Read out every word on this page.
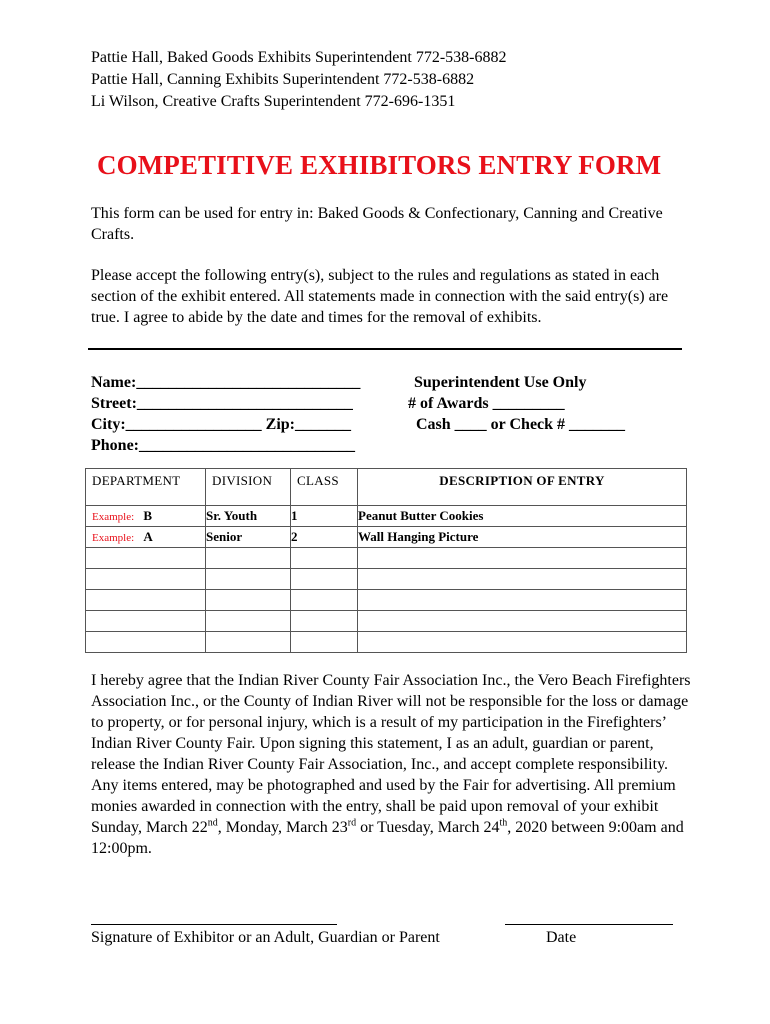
Pattie Hall, Baked Goods Exhibits Superintendent 772-538-6882
Pattie Hall, Canning Exhibits Superintendent 772-538-6882
Li Wilson, Creative Crafts Superintendent 772-696-1351
COMPETITIVE EXHIBITORS ENTRY FORM
This form can be used for entry in: Baked Goods & Confectionary, Canning and Creative Crafts.
Please accept the following entry(s), subject to the rules and regulations as stated in each section of the exhibit entered. All statements made in connection with the said entry(s) are true. I agree to abide by the date and times for the removal of exhibits.
Name:____________________________
Street:___________________________
City:_________________ Zip:_______
Phone:___________________________
Superintendent Use Only
# of Awards _________
Cash ____ or Check # _______
DEPARTMENT	DIVISION	CLASS	DESCRIPTION OF ENTRY
Example: B	Sr. Youth	1	Peanut Butter Cookies
Example: A	Senior	2	Wall Hanging Picture

I hereby agree that the Indian River County Fair Association Inc., the Vero Beach Firefighters Association Inc., or the County of Indian River will not be responsible for the loss or damage to property, or for personal injury, which is a result of my participation in the Firefighters’ Indian River County Fair. Upon signing this statement, I as an adult, guardian or parent, release the Indian River County Fair Association, Inc., and accept complete responsibility. Any items entered, may be photographed and used by the Fair for advertising. All premium monies awarded in connection with the entry, shall be paid upon removal of your exhibit Sunday, March 22nd, Monday, March 23rd or Tuesday, March 24th, 2020 between 9:00am and 12:00pm.
Signature of Exhibitor or an Adult, Guardian or Parent	Date
